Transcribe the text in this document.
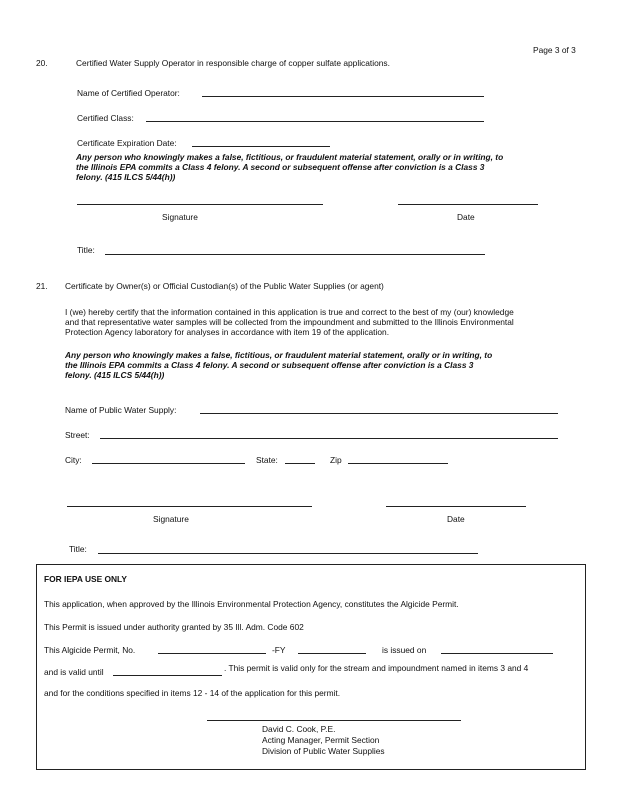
Page 3 of 3
20.	Certified Water Supply Operator in responsible charge of copper sulfate applications.
Name of Certified Operator:
Certified Class:
Certificate Expiration Date:
Any person who knowingly makes a false, fictitious, or fraudulent material statement, orally or in writing, to
the Illinois EPA commits a Class 4 felony. A second or subsequent offense after conviction is a Class 3
felony. (415 ILCS 5/44(h))
Signature	Date
Title:
21. Certificate by Owner(s) or Official Custodian(s) of the Public Water Supplies (or agent)
I (we) hereby certify that the information contained in this application is true and correct to the best of my (our) knowledge
and that representative water samples will be collected from the impoundment and submitted to the Illinois Environmental
Protection Agency laboratory for analyses in accordance with item 19 of the application.
Any person who knowingly makes a false, fictitious, or fraudulent material statement, orally or in writing, to
the Illinois EPA commits a Class 4 felony. A second or subsequent offense after conviction is a Class 3
felony. (415 ILCS 5/44(h))
Name of Public Water Supply:
Street:
City:	State:	Zip
Signature	Date
Title:
FOR IEPA USE ONLY
This application, when approved by the Illinois Environmental Protection Agency, constitutes the Algicide Permit.
This Permit is issued under authority granted by 35 Ill. Adm. Code 602
This Algicide Permit, No.	-FY	is issued on
and is valid until	. This permit is valid only for the stream and impoundment named in items 3 and 4
and for the conditions specified in items 12 - 14 of the application for this permit.
David C. Cook, P.E.
Acting Manager, Permit Section
Division of Public Water Supplies
